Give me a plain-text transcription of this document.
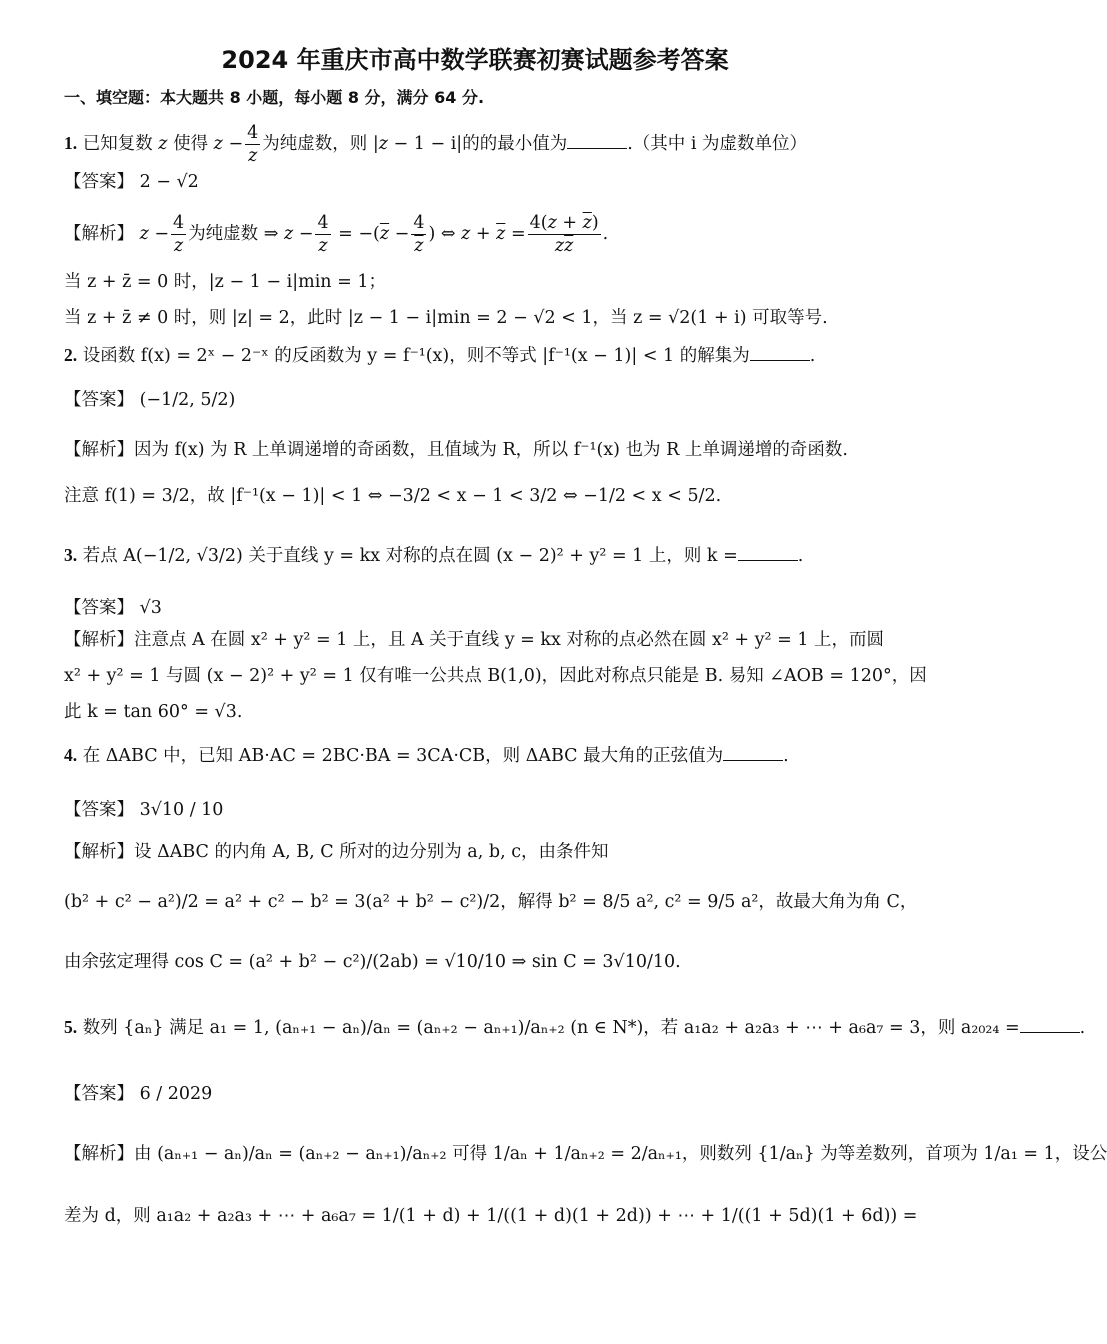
2024 年重庆市高中数学联赛初赛试题参考答案
一、填空题：本大题共 8 小题，每小题 8 分，满分 64 分.
1. 已知复数 z 使得 $z - \frac{4}{z}$ 为纯虚数，则 |z − 1 − i|的的最小值为	.（其中 i 为虚数单位）
【答案】 2 − √2
【解析】 $z - \frac{4}{z}$ 为纯虚数 ⇒ $z - \frac{4}{z} = -(\overline{z} - \frac{4}{z}$ ) ⇔ $z + \overline{z} = \frac{4(z + \overline{z})}{z\overline{z}}$ .
当 z + z̄ = 0 时，|z − 1 − i|min = 1；
当 z + z̄ ≠ 0 时，则 |z| = 2，此时 |z − 1 − i|min = 2 − √2 < 1，当 z = √2(1 + i) 可取等号.
2. 设函数 f(x) = 2ˣ − 2⁻ˣ 的反函数为 y = f⁻¹(x)，则不等式 |f⁻¹(x − 1)| < 1 的解集为	.
【答案】 (−1/2, 5/2)
【解析】因为 f(x) 为 R 上单调递增的奇函数，且值域为 R，所以 f⁻¹(x) 也为 R 上单调递增的奇函数.
注意 f(1) = 3/2，故 |f⁻¹(x − 1)| < 1 ⇔ −3/2 < x − 1 < 3/2 ⇔ −1/2 < x < 5/2.
3. 若点 A(−1/2, √3/2) 关于直线 y = kx 对称的点在圆 (x − 2)² + y² = 1 上，则 k =	.
【答案】 √3
【解析】注意点 A 在圆 x² + y² = 1 上，且 A 关于直线 y = kx 对称的点必然在圆 x² + y² = 1 上，而圆
x² + y² = 1 与圆 (x − 2)² + y² = 1 仅有唯一公共点 B(1,0)，因此对称点只能是 B. 易知 ∠AOB = 120°，因
此 k = tan 60° = √3.
4. 在 ΔABC 中，已知 AB·AC = 2BC·BA = 3CA·CB，则 ΔABC 最大角的正弦值为	.
【答案】 3√10 / 10
【解析】设 ΔABC 的内角 A, B, C 所对的边分别为 a, b, c，由条件知
(b² + c² − a²)/2 = a² + c² − b² = 3(a² + b² − c²)/2，解得 b² = 8/5 a², c² = 9/5 a²，故最大角为角 C，
由余弦定理得 cos C = (a² + b² − c²)/(2ab) = √10/10 ⇒ sin C = 3√10/10.
5. 数列 {aₙ} 满足 a₁ = 1, (aₙ₊₁ − aₙ)/aₙ = (aₙ₊₂ − aₙ₊₁)/aₙ₊₂ (n ∈ N*)，若 a₁a₂ + a₂a₃ + ⋯ + a₆a₇ = 3，则 a₂₀₂₄ =	.
【答案】 6 / 2029
【解析】由 (aₙ₊₁ − aₙ)/aₙ = (aₙ₊₂ − aₙ₊₁)/aₙ₊₂ 可得 1/aₙ + 1/aₙ₊₂ = 2/aₙ₊₁，则数列 {1/aₙ} 为等差数列，首项为 1/a₁ = 1，设公
差为 d，则 a₁a₂ + a₂a₃ + ⋯ + a₆a₇ = 1/(1 + d) + 1/((1 + d)(1 + 2d)) + ⋯ + 1/((1 + 5d)(1 + 6d)) =
